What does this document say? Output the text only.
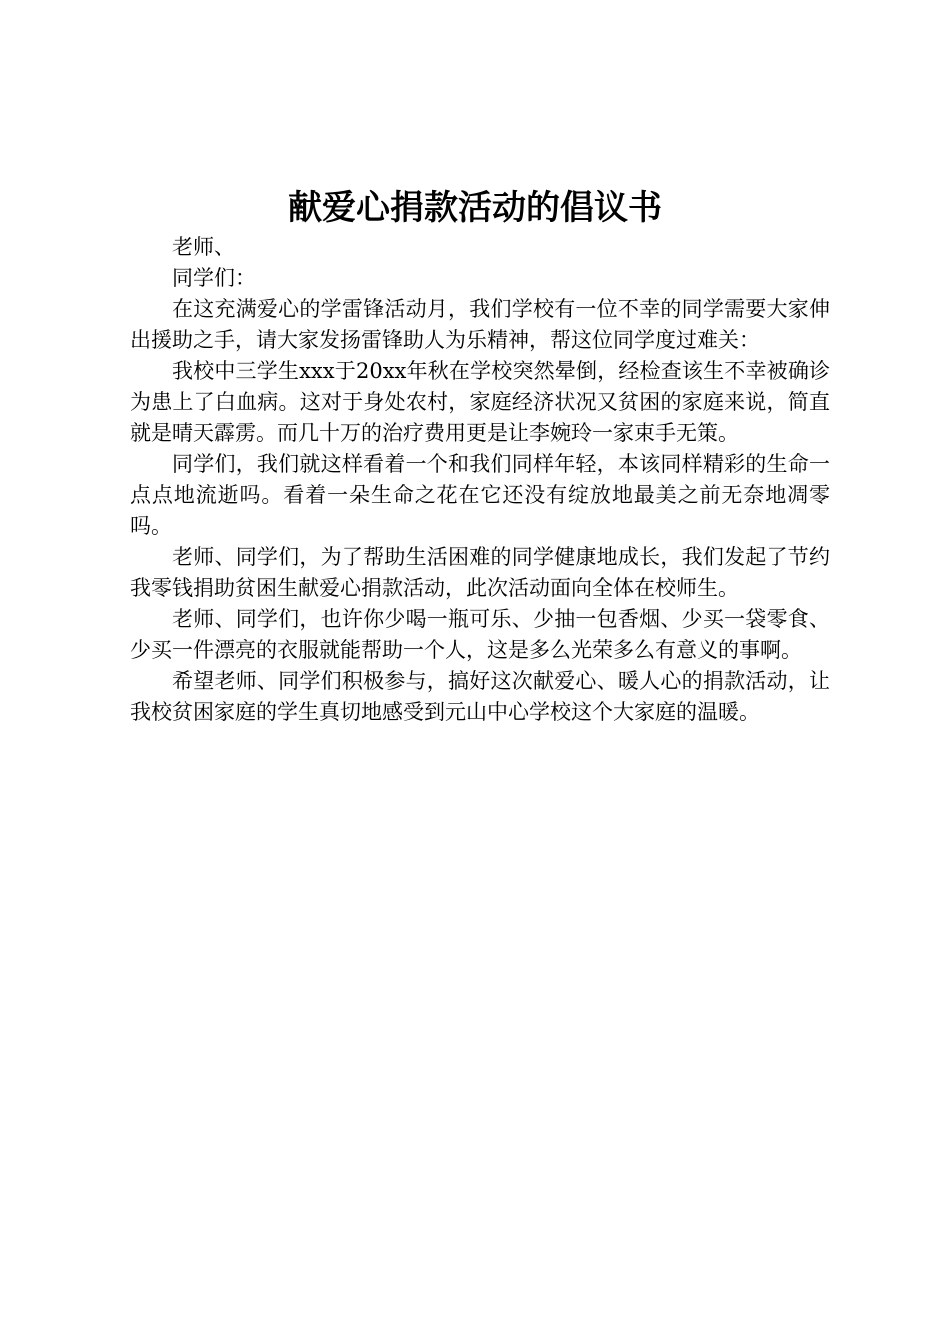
献爱心捐款活动的倡议书

老师、

同学们：

在这充满爱心的学雷锋活动月，我们学校有一位不幸的同学需要大家伸出援助之手，请大家发扬雷锋助人为乐精神，帮这位同学度过难关：

我校中三学生xxx于20xx年秋在学校突然晕倒，经检查该生不幸被确诊为患上了白血病。这对于身处农村，家庭经济状况又贫困的家庭来说，简直就是晴天霹雳。而几十万的治疗费用更是让李婉玲一家束手无策。

同学们，我们就这样看着一个和我们同样年轻，本该同样精彩的生命一点点地流逝吗。看着一朵生命之花在它还没有绽放地最美之前无奈地凋零吗。

老师、同学们，为了帮助生活困难的同学健康地成长，我们发起了节约我零钱捐助贫困生献爱心捐款活动，此次活动面向全体在校师生。

老师、同学们，也许你少喝一瓶可乐、少抽一包香烟、少买一袋零食、少买一件漂亮的衣服就能帮助一个人，这是多么光荣多么有意义的事啊。

希望老师、同学们积极参与，搞好这次献爱心、暖人心的捐款活动，让我校贫困家庭的学生真切地感受到元山中心学校这个大家庭的温暖。
